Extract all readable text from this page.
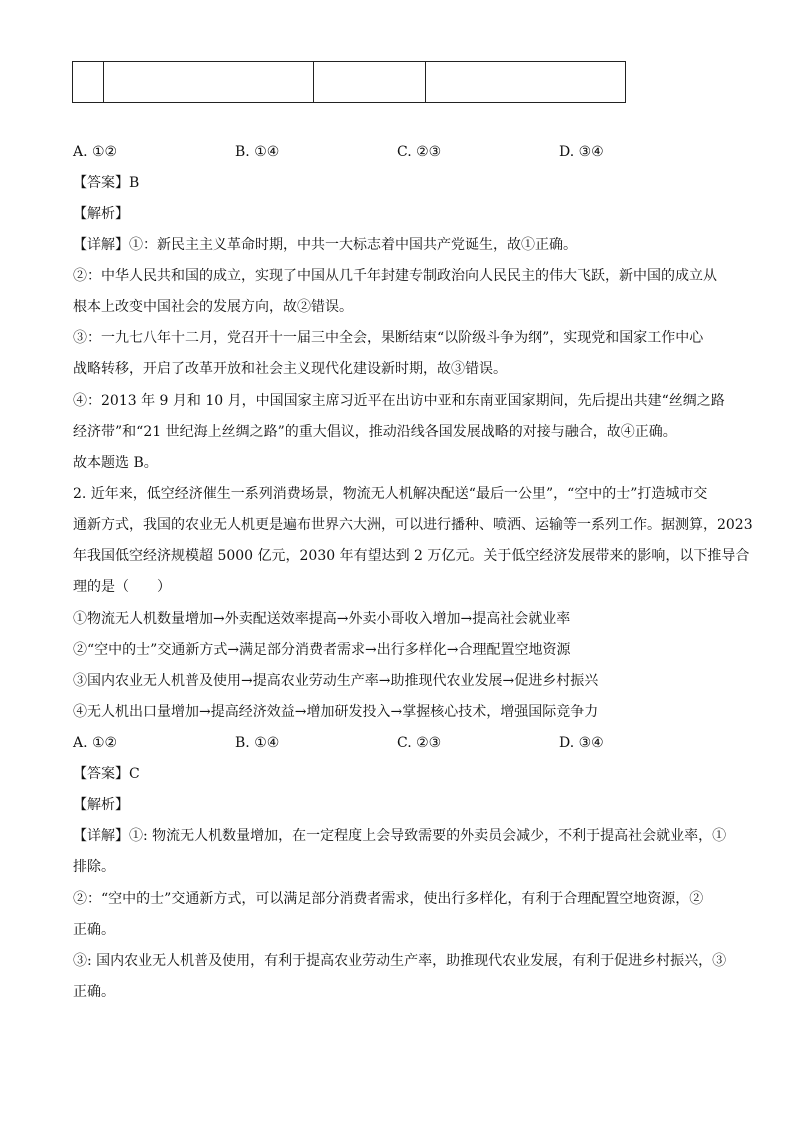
A. ①②	B. ①④	C. ②③	D. ③④
【答案】B
【解析】
【详解】①：新民主主义革命时期，中共一大标志着中国共产党诞生，故①正确。
②：中华人民共和国的成立，实现了中国从几千年封建专制政治向人民民主的伟大飞跃，新中国的成立从
根本上改变中国社会的发展方向，故②错误。
③：一九七八年十二月，党召开十一届三中全会，果断结束“以阶级斗争为纲”，实现党和国家工作中心
战略转移，开启了改革开放和社会主义现代化建设新时期，故③错误。
④：2013 年 9 月和 10 月，中国国家主席习近平在出访中亚和东南亚国家期间，先后提出共建“丝绸之路
经济带”和“21 世纪海上丝绸之路”的重大倡议，推动沿线各国发展战略的对接与融合，故④正确。
故本题选 B。
2. 近年来，低空经济催生一系列消费场景，物流无人机解决配送“最后一公里”，“空中的士”打造城市交
通新方式，我国的农业无人机更是遍布世界六大洲，可以进行播种、喷洒、运输等一系列工作。据测算，2023
年我国低空经济规模超 5000 亿元，2030 年有望达到 2 万亿元。关于低空经济发展带来的影响，以下推导合
理的是（　　）
①物流无人机数量增加→外卖配送效率提高→外卖小哥收入增加→提高社会就业率
②“空中的士”交通新方式→满足部分消费者需求→出行多样化→合理配置空地资源
③国内农业无人机普及使用→提高农业劳动生产率→助推现代农业发展→促进乡村振兴
④无人机出口量增加→提高经济效益→增加研发投入→掌握核心技术，增强国际竞争力
A. ①②	B. ①④	C. ②③	D. ③④
【答案】C
【解析】
【详解】①: 物流无人机数量增加，在一定程度上会导致需要的外卖员会减少，不利于提高社会就业率，①
排除。
②：“空中的士”交通新方式，可以满足部分消费者需求，使出行多样化，有利于合理配置空地资源，②
正确。
③: 国内农业无人机普及使用，有利于提高农业劳动生产率，助推现代农业发展，有利于促进乡村振兴，③
正确。
